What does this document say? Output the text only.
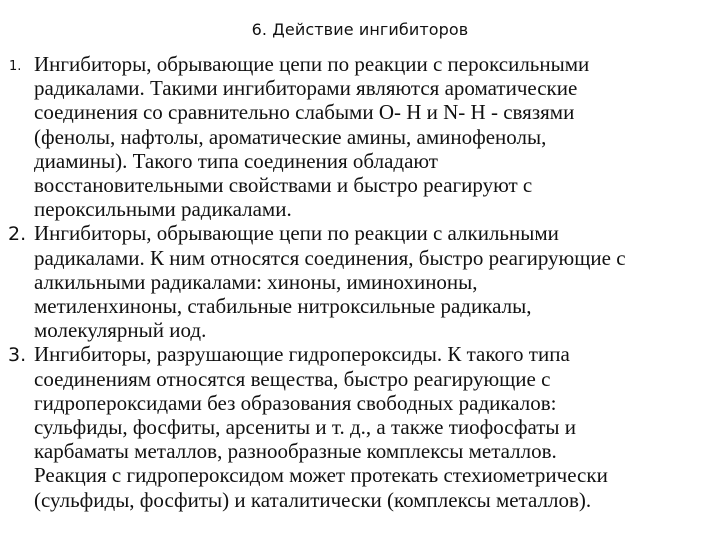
6. Действие ингибиторов
1. Ингибиторы, обрывающие цепи по реакции с пероксильными
радикалами. Такими ингибиторами являются ароматические
соединения со сравнительно слабыми О- Н и N- H - связями
(фенолы, нафтолы, ароматические амины, аминофенолы,
диамины). Такого типа соединения обладают
восстановительными свойствами и быстро реагируют с
пероксильными радикалами.
2. Ингибиторы, обрывающие цепи по реакции с алкильными
радикалами. К ним относятся соединения, быстро реагирующие с
алкильными радикалами: хиноны, иминохиноны,
метиленхиноны, стабильные нитроксильные радикалы,
молекулярный иод.
3. Ингибиторы, разрушающие гидропероксиды. К такого типа
соединениям относятся вещества, быстро реагирующие с
гидропероксидами без образования свободных радикалов:
сульфиды, фосфиты, арсениты и т. д., а также тиофосфаты и
карбаматы металлов, разнообразные комплексы металлов.
Реакция с гидропероксидом может протекать стехиометрически
(сульфиды, фосфиты) и каталитически (комплексы металлов).
